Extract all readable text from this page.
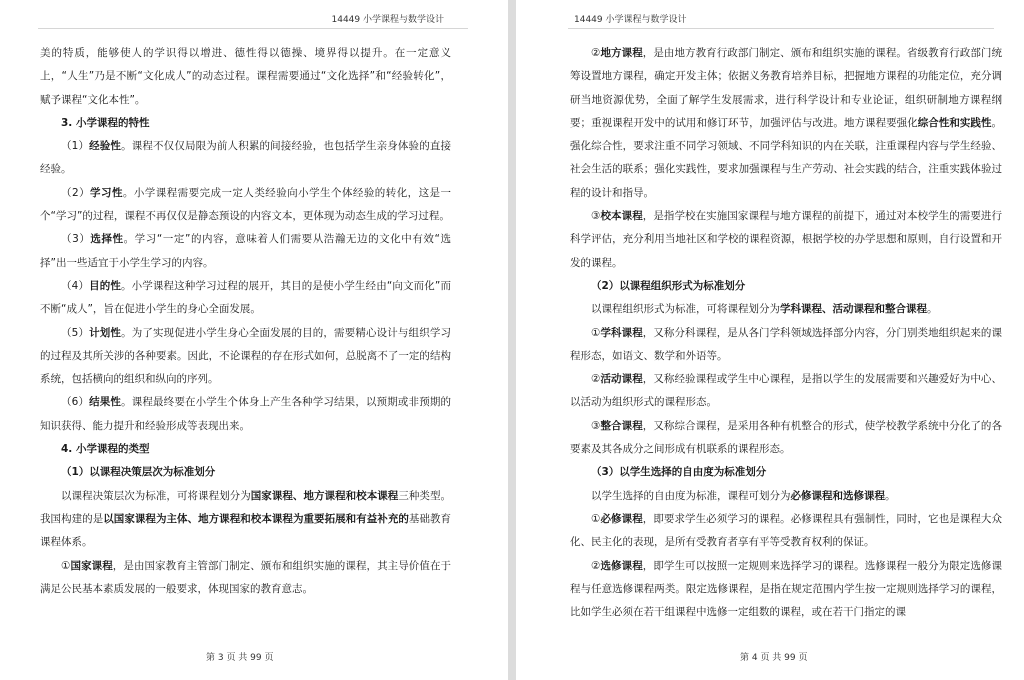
14449 小学课程与数学设计

美的特质，能够使人的学识得以增进、德性得以德操、境界得以提升。在一定意义上，“人生”乃是不断“文化成人”的动态过程。课程需要通过“文化选择”和“经验转化”，赋予课程“文化本性”。

3. 小学课程的特性

（1）经验性。课程不仅仅局限为前人积累的间接经验，也包括学生亲身体验的直接经验。

（2）学习性。小学课程需要完成一定人类经验向小学生个体经验的转化，这是一个“学习”的过程，课程不再仅仅是静态预设的内容文本，更体现为动态生成的学习过程。

（3）选择性。学习“一定”的内容，意味着人们需要从浩瀚无边的文化中有效“选择”出一些适宜于小学生学习的内容。

（4）目的性。小学课程这种学习过程的展开，其目的是使小学生经由“向文而化”而不断“成人”，旨在促进小学生的身心全面发展。

（5）计划性。为了实现促进小学生身心全面发展的目的，需要精心设计与组织学习的过程及其所关涉的各种要素。因此，不论课程的存在形式如何，总脱离不了一定的结构系统，包括横向的组织和纵向的序列。

（6）结果性。课程最终要在小学生个体身上产生各种学习结果，以预期或非预期的知识获得、能力提升和经验形成等表现出来。

4. 小学课程的类型

（1）以课程决策层次为标准划分

以课程决策层次为标准，可将课程划分为国家课程、地方课程和校本课程三种类型。我国构建的是以国家课程为主体、地方课程和校本课程为重要拓展和有益补充的基础教育课程体系。

①国家课程，是由国家教育主管部门制定、颁布和组织实施的课程，其主导价值在于满足公民基本素质发展的一般要求，体现国家的教育意志。

第 3 页 共 99 页
14449 小学课程与数学设计

②地方课程，是由地方教育行政部门制定、颁布和组织实施的课程。省级教育行政部门统筹设置地方课程，确定开发主体；依据义务教育培养目标，把握地方课程的功能定位，充分调研当地资源优势，全面了解学生发展需求，进行科学设计和专业论证，组织研制地方课程纲要；重视课程开发中的试用和修订环节，加强评估与改进。地方课程要强化综合性和实践性。强化综合性，要求注重不同学习领域、不同学科知识的内在关联，注重课程内容与学生经验、社会生活的联系；强化实践性，要求加强课程与生产劳动、社会实践的结合，注重实践体验过程的设计和指导。

③校本课程，是指学校在实施国家课程与地方课程的前提下，通过对本校学生的需要进行科学评估，充分利用当地社区和学校的课程资源，根据学校的办学思想和原则，自行设置和开发的课程。

（2）以课程组织形式为标准划分

以课程组织形式为标准，可将课程划分为学科课程、活动课程和整合课程。

①学科课程，又称分科课程，是从各门学科领域选择部分内容，分门别类地组织起来的课程形态，如语文、数学和外语等。

②活动课程，又称经验课程或学生中心课程，是指以学生的发展需要和兴趣爱好为中心、以活动为组织形式的课程形态。

③整合课程，又称综合课程，是采用各种有机整合的形式，使学校教学系统中分化了的各要素及其各成分之间形成有机联系的课程形态。

（3）以学生选择的自由度为标准划分

以学生选择的自由度为标准，课程可划分为必修课程和选修课程。

①必修课程，即要求学生必须学习的课程。必修课程具有强制性，同时，它也是课程大众化、民主化的表现，是所有受教育者享有平等受教育权利的保证。

②选修课程，即学生可以按照一定规则来选择学习的课程。选修课程一般分为限定选修课程与任意选修课程两类。限定选修课程，是指在规定范围内学生按一定规则选择学习的课程，比如学生必须在若干组课程中选修一定组数的课程，或在若干门指定的课

第 4 页 共 99 页
